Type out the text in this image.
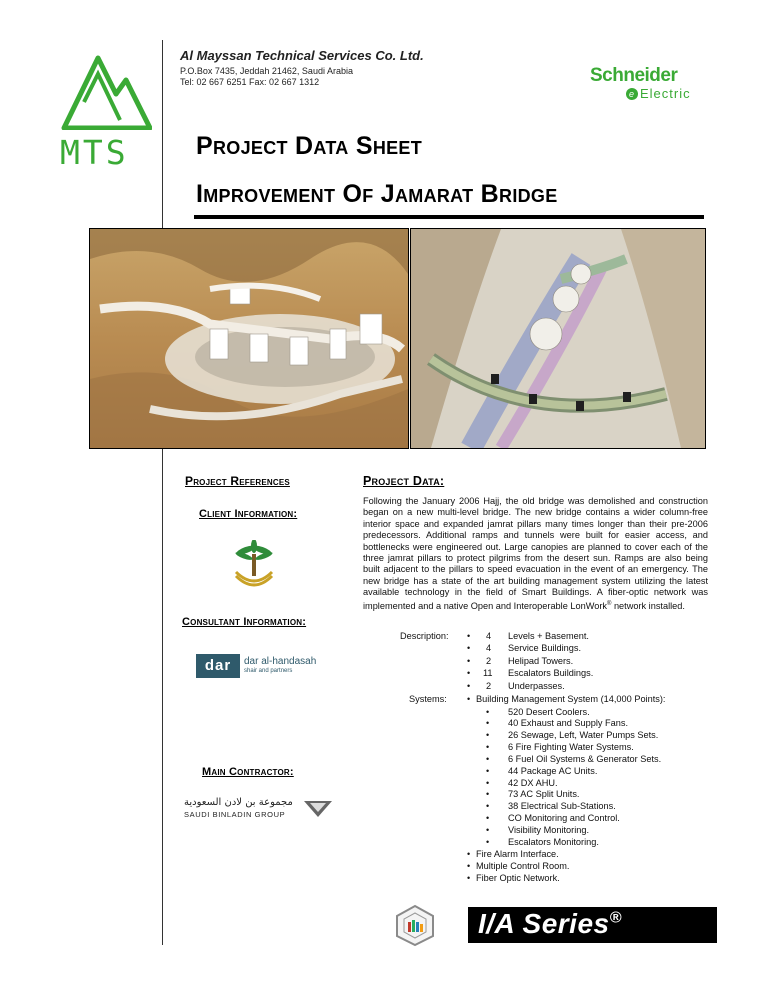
MTS
Al Mayssan Technical Services Co. Ltd.
P.O.Box 7435, Jeddah 21462, Saudi Arabia
Tel: 02 667 6251 Fax: 02 667 1312	Schneider
e Electric
Project Data Sheet
Improvement Of Jamarat Bridge
Project References
Client Information:
Consultant Information:
dar	dar al-handasah
shair and partners
Main Contractor:
مجموعة بن لادن السعودية
SAUDI BINLADIN GROUP
Project Data:
Following the January 2006 Hajj, the old bridge was demolished and construction began on a new multi-level bridge. The new bridge contains a wider column-free interior space and expanded jamrat pillars many times longer than their pre-2006 predecessors. Additional ramps and tunnels were built for easier access, and bottlenecks were engineered out. Large canopies are planned to cover each of the three jamrat pillars to protect pilgrims from the desert sun. Ramps are also being built adjacent to the pillars to speed evacuation in the event of an emergency. The new bridge has a state of the art building management system utilizing the latest available technology in the field of Smart Buildings. A fiber-optic network was implemented and a native Open and Interoperable LonWork® network installed.
Description: • 4 Levels + Basement.
• 4 Service Buildings.
• 2 Helipad Towers.
• 11 Escalators Buildings.
• 2 Underpasses.
Systems: • Building Management System (14,000 Points):
• 520 Desert Coolers.
• 40 Exhaust and Supply Fans.
• 26 Sewage, Left, Water Pumps Sets.
• 6 Fire Fighting Water Systems.
• 6 Fuel Oil Systems & Generator Sets.
• 44 Package AC Units.
• 42 DX AHU.
• 73 AC Split Units.
• 38 Electrical Sub-Stations.
• CO Monitoring and Control.
• Visibility Monitoring.
• Escalators Monitoring.
• Fire Alarm Interface.
• Multiple Control Room.
• Fiber Optic Network.
I/A Series®
